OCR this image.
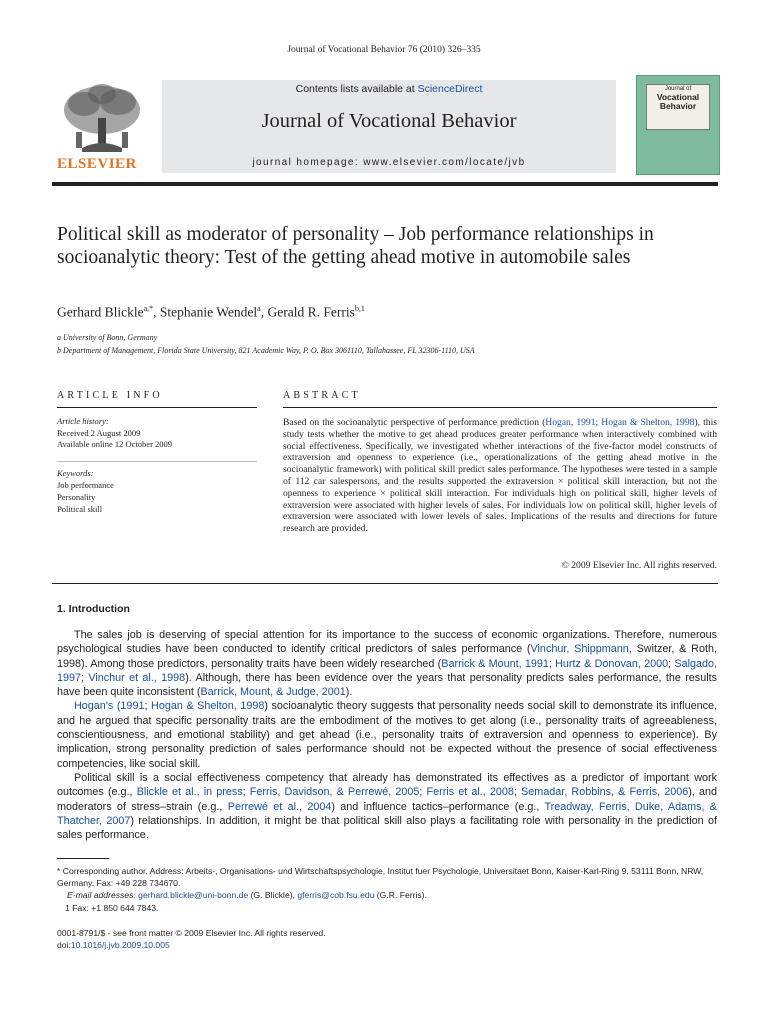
Journal of Vocational Behavior 76 (2010) 326–335
ELSEVIER
Contents lists available at ScienceDirect
Journal of Vocational Behavior
journal homepage: www.elsevier.com/locate/jvb
Journal of
Vocational
Behavior
Political skill as moderator of personality – Job performance relationships in socioanalytic theory: Test of the getting ahead motive in automobile sales
Gerhard Blickle$^{a,*}$, Stephanie Wendel$^a$, Gerald R. Ferris$^{b,1}$
a University of Bonn, Germany
b Department of Management, Florida State University, 821 Academic Way, P. O. Box 3061110, Tallahassee, FL 32306-1110, USA
ARTICLE INFO
Article history:
Received 2 August 2009
Available online 12 October 2009
Keywords:
Job performance
Personality
Political skill
ABSTRACT
Based on the socioanalytic perspective of performance prediction (Hogan, 1991; Hogan & Shelton, 1998), this study tests whether the motive to get ahead produces greater performance when interactively combined with social effectiveness. Specifically, we investigated whether interactions of the five-factor model constructs of extraversion and openness to experience (i.e., operationalizations of the getting ahead motive in the socioanalytic framework) with political skill predict sales performance. The hypotheses were tested in a sample of 112 car salespersons, and the results supported the extraversion × political skill interaction, but not the openness to experience × political skill interaction. For individuals high on political skill, higher levels of extraversion were associated with higher levels of sales. For individuals low on political skill, higher levels of extraversion were associated with lower levels of sales. Implications of the results and directions for future research are provided.
© 2009 Elsevier Inc. All rights reserved.
1. Introduction

The sales job is deserving of special attention for its importance to the success of economic organizations. Therefore, numerous psychological studies have been conducted to identify critical predictors of sales performance (Vinchur, Shippmann, Switzer, & Roth, 1998). Among those predictors, personality traits have been widely researched (Barrick & Mount, 1991; Hurtz & Donovan, 2000; Salgado, 1997; Vinchur et al., 1998). Although, there has been evidence over the years that personality predicts sales performance, the results have been quite inconsistent (Barrick, Mount, & Judge, 2001).

Hogan's (1991; Hogan & Shelton, 1998) socioanalytic theory suggests that personality needs social skill to demonstrate its influence, and he argued that specific personality traits are the embodiment of the motives to get along (i.e., personality traits of agreeableness, conscientiousness, and emotional stability) and get ahead (i.e., personality traits of extraversion and openness to experience). By implication, strong personality prediction of sales performance should not be expected without the presence of social effectiveness competencies, like social skill.

Political skill is a social effectiveness competency that already has demonstrated its effectives as a predictor of important work outcomes (e.g., Blickle et al., in press; Ferris, Davidson, & Perrewé, 2005; Ferris et al., 2008; Semadar, Robbins, & Ferris, 2006), and moderators of stress–strain (e.g., Perrewé et al., 2004) and influence tactics–performance (e.g., Treadway, Ferris, Duke, Adams, & Thatcher, 2007) relationships. In addition, it might be that political skill also plays a facilitating role with personality in the prediction of sales performance.

* Corresponding author. Address: Arbeits-, Organisations- und Wirtschaftspsychologie, Institut fuer Psychologie, Universitaet Bonn, Kaiser-Karl-Ring 9, 53111 Bonn, NRW, Germany. Fax: +49 228 734670.
E-mail addresses: gerhard.blickle@uni-bonn.de (G. Blickle), gferris@cob.fsu.edu (G.R. Ferris).
1 Fax: +1 850 644 7843.
0001-8791/$ - see front matter © 2009 Elsevier Inc. All rights reserved.
doi:10.1016/j.jvb.2009.10.005
